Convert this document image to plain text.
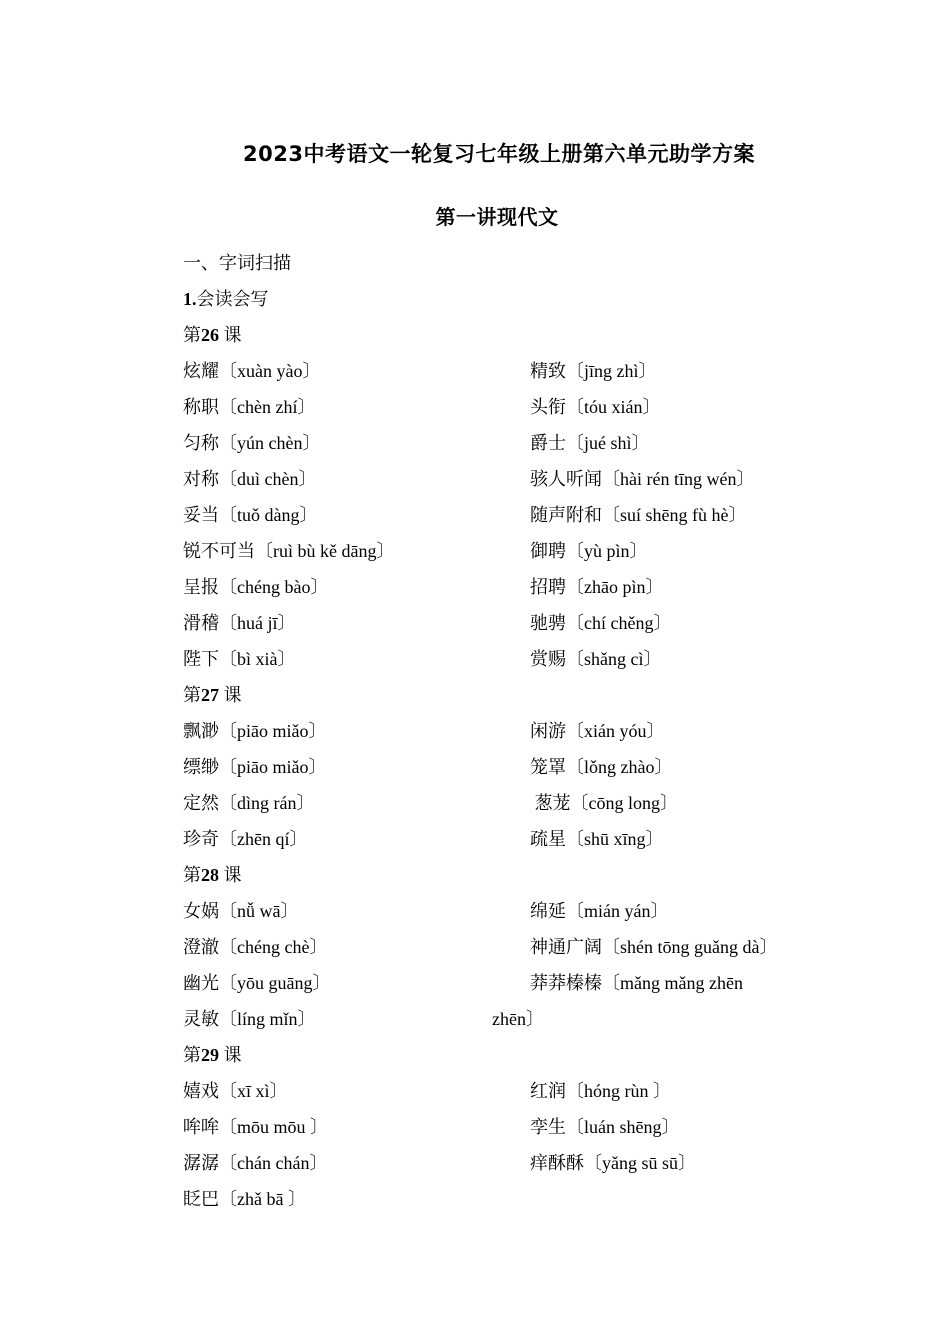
2023中考语文一轮复习七年级上册第六单元助学方案
第一讲现代文
一、字词扫描
1.会读会写
第26 课
炫耀〔xuàn yào〕	精致〔jīng zhì〕
称职〔chèn zhí〕	头衔〔tóu xián〕
匀称〔yún chèn〕	爵士〔jué shì〕
对称〔duì chèn〕	骇人听闻〔hài rén tīng wén〕
妥当〔tuǒ dàng〕	随声附和〔suí shēng fù hè〕
锐不可当〔ruì bù kě dāng〕	御聘〔yù pìn〕
呈报〔chéng bào〕	招聘〔zhāo pìn〕
滑稽〔huá jī〕	驰骋〔chí chěng〕
陛下〔bì xià〕	赏赐〔shǎng cì〕
第27 课
飘渺〔piāo miǎo〕	闲游〔xián yóu〕
缥缈〔piāo miǎo〕	笼罩〔lǒng zhào〕
定然〔dìng rán〕	葱茏〔cōng long〕
珍奇〔zhēn qí〕	疏星〔shū xīng〕
第28 课
女娲〔nǚ wā〕	绵延〔mián yán〕
澄澈〔chéng chè〕	神通广阔〔shén tōng guǎng dà〕
幽光〔yōu guāng〕	莽莽榛榛〔mǎng mǎng zhēn
灵敏〔líng mǐn〕	zhēn〕
第29 课
嬉戏〔xī xì〕	红润〔hóng rùn 〕
哞哞〔mōu mōu 〕	孪生〔luán shēng〕
潺潺〔chán chán〕	痒酥酥〔yǎng sū sū〕
眨巴〔zhǎ bā 〕
